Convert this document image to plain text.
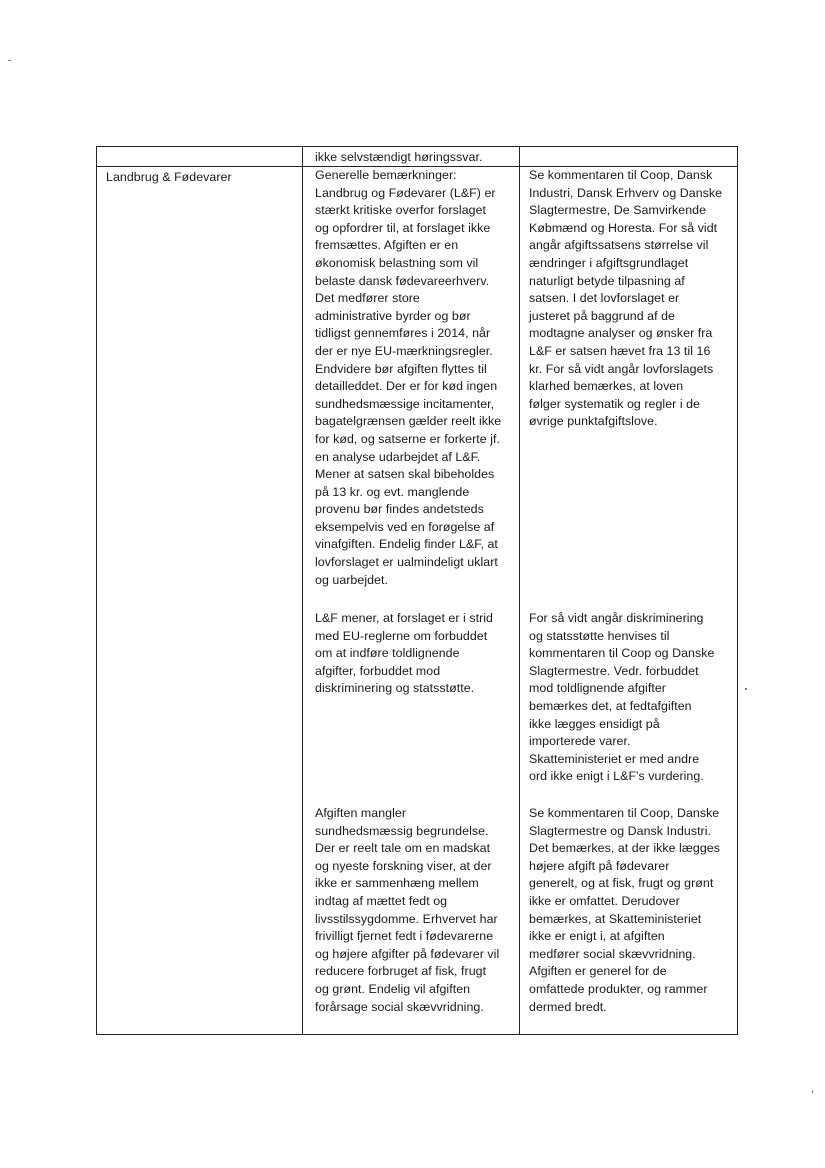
ikke selvstændigt høringssvar.
Landbrug & Fødevarer	Generelle bemærkninger:
Landbrug og Fødevarer (L&F) er
stærkt kritiske overfor forslaget
og opfordrer til, at forslaget ikke
fremsættes. Afgiften er en
økonomisk belastning som vil
belaste dansk fødevareerhverv.
Det medfører store
administrative byrder og bør
tidligst gennemføres i 2014, når
der er nye EU-mærkningsregler.
Endvidere bør afgiften flyttes til
detailleddet. Der er for kød ingen
sundhedsmæssige incitamenter,
bagatelgrænsen gælder reelt ikke
for kød, og satserne er forkerte jf.
en analyse udarbejdet af L&F.
Mener at satsen skal bibeholdes
på 13 kr. og evt. manglende
provenu bør findes andetsteds
eksempelvis ved en forøgelse af
vinafgiften. Endelig finder L&F, at
lovforslaget er ualmindeligt uklart
og uarbejdet.
Se kommentaren til Coop, Dansk
Industri, Dansk Erhverv og Danske
Slagtermestre, De Samvirkende
Købmænd og Horesta. For så vidt
angår afgiftssatsens størrelse vil
ændringer i afgiftsgrundlaget
naturligt betyde tilpasning af
satsen. I det lovforslaget er
justeret på baggrund af de
modtagne analyser og ønsker fra
L&F er satsen hævet fra 13 til 16
kr. For så vidt angår lovforslagets
klarhed bemærkes, at loven
følger systematik og regler i de
øvrige punktafgiftslove.
L&F mener, at forslaget er i strid
med EU-reglerne om forbuddet
om at indføre toldlignende
afgifter, forbuddet mod
diskriminering og statsstøtte.
For så vidt angår diskriminering
og statsstøtte henvises til
kommentaren til Coop og Danske
Slagtermestre. Vedr. forbuddet
mod toldlignende afgifter
bemærkes det, at fedtafgiften
ikke lægges ensidigt på
importerede varer.
Skatteministeriet er med andre
ord ikke enigt i L&F's vurdering.
Afgiften mangler
sundhedsmæssig begrundelse.
Der er reelt tale om en madskat
og nyeste forskning viser, at der
ikke er sammenhæng mellem
indtag af mættet fedt og
livsstilssygdomme. Erhvervet har
frivilligt fjernet fedt i fødevarerne
og højere afgifter på fødevarer vil
reducere forbruget af fisk, frugt
og grønt. Endelig vil afgiften
forårsage social skævvridning.
Se kommentaren til Coop, Danske
Slagtermestre og Dansk Industri.
Det bemærkes, at der ikke lægges
højere afgift på fødevarer
generelt, og at fisk, frugt og grønt
ikke er omfattet. Derudover
bemærkes, at Skatteministeriet
ikke er enigt i, at afgiften
medfører social skævvridning.
Afgiften er generel for de
omfattede produkter, og rammer
dermed bredt.
